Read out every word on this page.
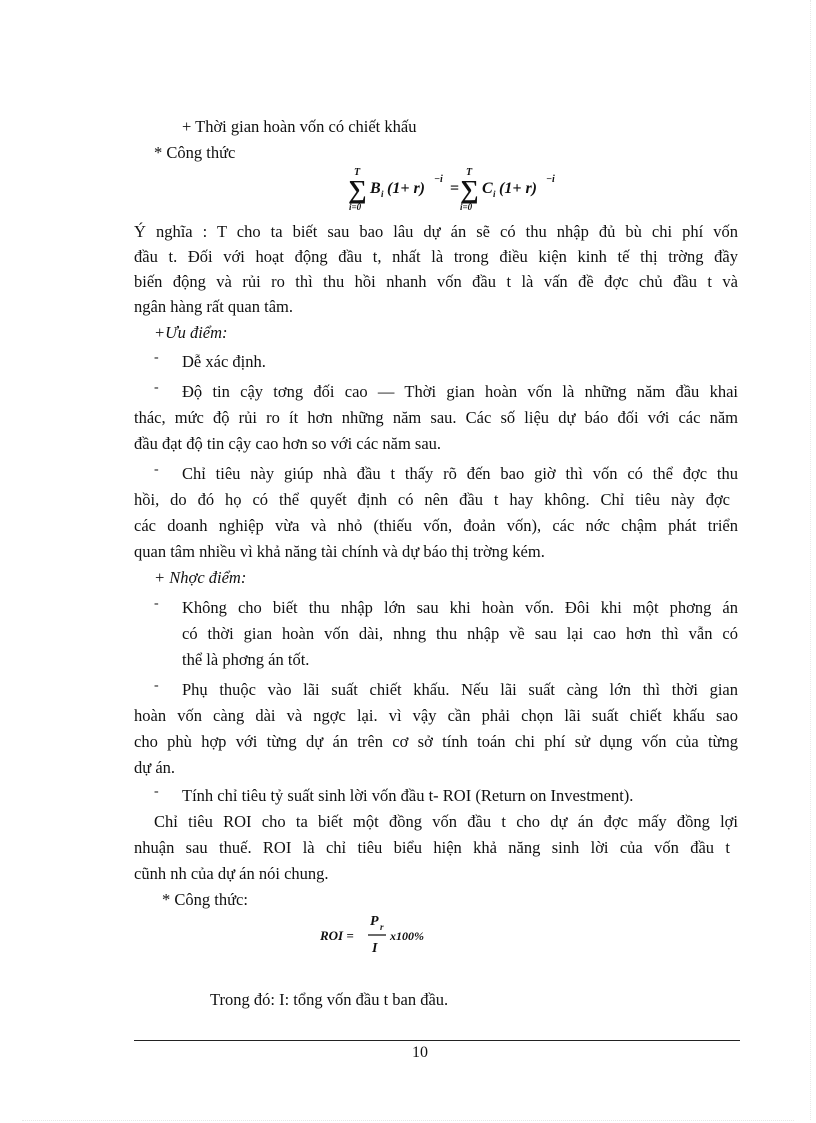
+ Thời gian hoàn vốn có chiết khấu
* Công thức
T
∑
i=0
B i (1+ r)
−i
=
T
∑
i=0
C i (1+ r)
−i
Ý nghĩa : T cho ta biết sau bao lâu dự án sẽ có thu nhập đủ bù chi phí vốn
đầu t. Đối với hoạt động đầu t, nhất là trong điều kiện kinh tế thị trờng đầy
biến động và rủi ro thì thu hồi nhanh vốn đầu t là vấn đề đợc chủ đầu t và
ngân hàng rất quan tâm.
+Ưu điểm:
- Dễ xác định.
- Độ tin cậy tơng đối cao — Thời gian hoàn vốn là những năm đầu khai
thác, mức độ rủi ro ít hơn những năm sau. Các số liệu dự báo đối với các năm
đầu đạt độ tin cậy cao hơn so với các năm sau.
- Chỉ tiêu này giúp nhà đầu t thấy rõ đến bao giờ thì vốn có thể đợc thu
hồi, do đó họ có thể quyết định có nên đầu t hay không. Chỉ tiêu này đợc
các doanh nghiệp vừa và nhỏ (thiếu vốn, đoản vốn), các nớc chậm phát triển
quan tâm nhiều vì khả năng tài chính và dự báo thị trờng kém.
+ Nhợc điểm:
- Không cho biết thu nhập lớn sau khi hoàn vốn. Đôi khi một phơng án
có thời gian hoàn vốn dài, nhng thu nhập về sau lại cao hơn thì vẫn có
thể là phơng án tốt.
- Phụ thuộc vào lãi suất chiết khấu. Nếu lãi suất càng lớn thì thời gian
hoàn vốn càng dài và ngợc lại. vì vậy cần phải chọn lãi suất chiết khấu sao
cho phù hợp với từng dự án trên cơ sở tính toán chi phí sử dụng vốn của từng
dự án.
- Tính chỉ tiêu tỷ suất sinh lời vốn đầu t- ROI (Return on Investment).
Chỉ tiêu ROI cho ta biết một đồng vốn đầu t cho dự án đợc mấy đồng lợi
nhuận sau thuế. ROI là chỉ tiêu biểu hiện khả năng sinh lời của vốn đầu t
cũnh nh của dự án nói chung.
* Công thức:
ROI =
P r
I
x100%
Trong đó: I: tổng vốn đầu t ban đầu.
10
